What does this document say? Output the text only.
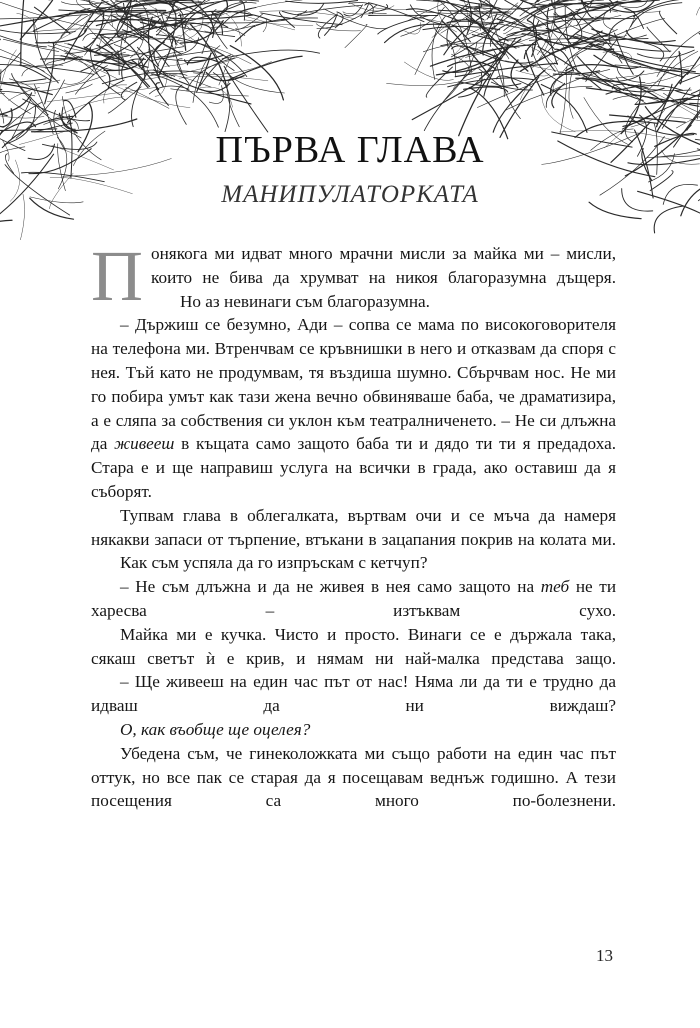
ПЪРВА ГЛАВА
МАНИПУЛАТОРКАТА

Понякога ми идват много мрачни мисли за майка ми – мисли, които не бива да хрумват на никоя благоразумна дъщеря.

Но аз невинаги съм благоразумна.

– Държиш се безумно, Ади – сопва се мама по високоговорителя на телефона ми. Втренчвам се кръвнишки в него и отказвам да споря с нея. Тъй като не продумвам, тя въздиша шумно. Сбърчвам нос. Не ми го побира умът как тази жена вечно обвиняваше баба, че драматизира, а е сляпа за собствения си уклон към театралниченето. – Не си длъжна да живееш в къщата само защото баба ти и дядо ти ти я предадоха. Стара е и ще направиш услуга на всички в града, ако оставиш да я съборят.

Тупвам глава в облегалката, въртвам очи и се мъча да намеря някакви запаси от търпение, втъкани в зацапания покрив на колата ми.

Как съм успяла да го изпръскам с кетчуп?

– Не съм длъжна и да не живея в нея само защото на теб не ти харесва – изтъквам сухо.

Майка ми е кучка. Чисто и просто. Винаги се е държала така, сякаш светът ѝ е крив, и нямам ни най-малка представа защо.

– Ще живееш на един час път от нас! Няма ли да ти е трудно да идваш да ни виждаш?

О, как въобще ще оцелея?

Убедена съм, че гинеколожката ми също работи на един час път оттук, но все пак се старая да я посещавам веднъж годишно. А тези посещения са много по-болезнени.

13
